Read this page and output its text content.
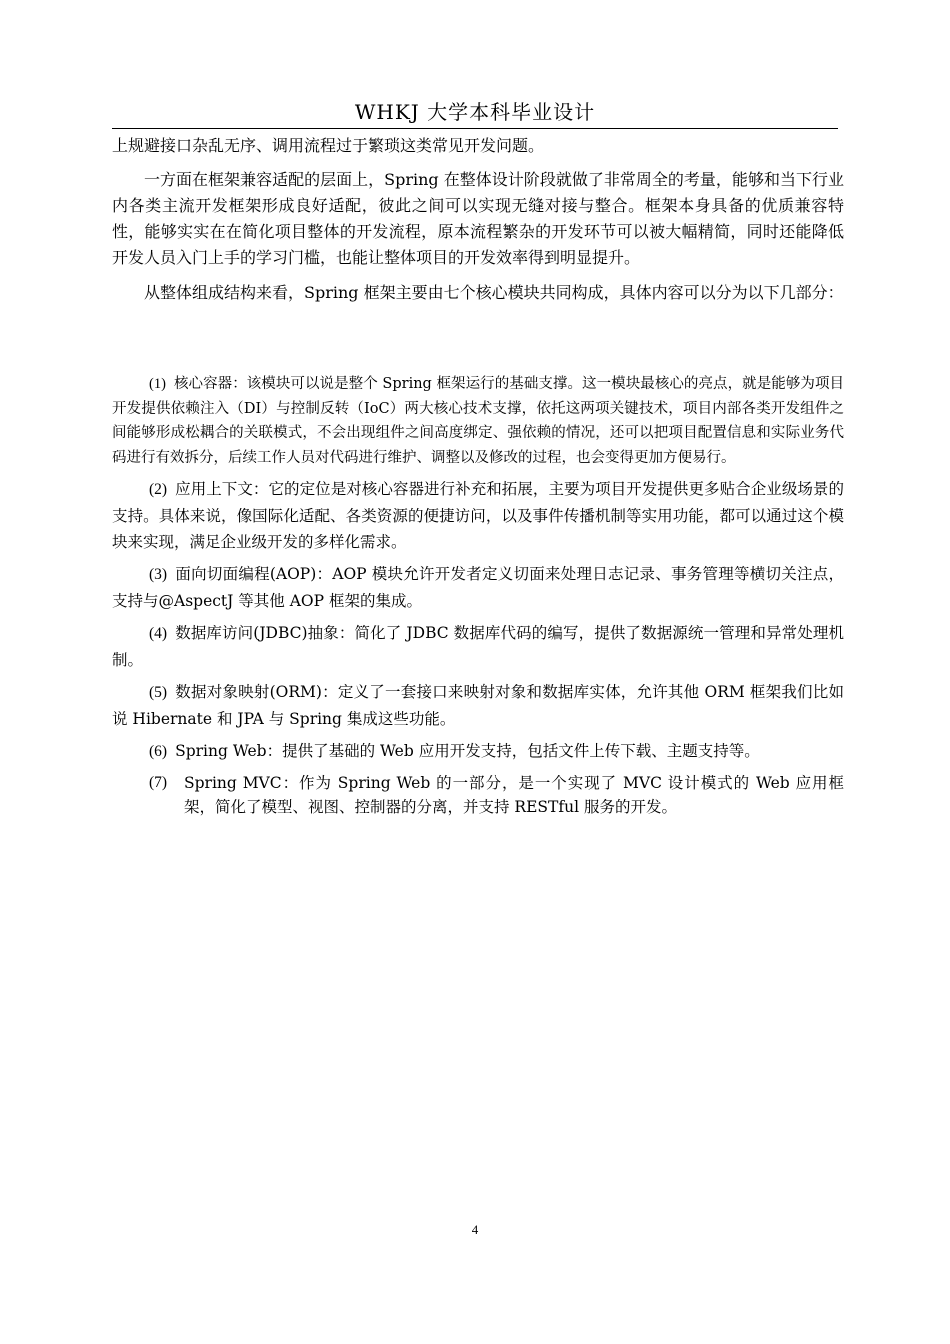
WHKJ 大学本科毕业设计

上规避接口杂乱无序、调用流程过于繁琐这类常见开发问题。

一方面在框架兼容适配的层面上，Spring 在整体设计阶段就做了非常周全的考量，能够和当下行业内各类主流开发框架形成良好适配，彼此之间可以实现无缝对接与整合。框架本身具备的优质兼容特性，能够实实在在简化项目整体的开发流程，原本流程繁杂的开发环节可以被大幅精简，同时还能降低开发人员入门上手的学习门槛，也能让整体项目的开发效率得到明显提升。

从整体组成结构来看，Spring 框架主要由七个核心模块共同构成，具体内容可以分为以下几部分：

(1) 核心容器：该模块可以说是整个 Spring 框架运行的基础支撑。这一模块最核心的亮点，就是能够为项目开发提供依赖注入（DI）与控制反转（IoC）两大核心技术支撑，依托这两项关键技术，项目内部各类开发组件之间能够形成松耦合的关联模式，不会出现组件之间高度绑定、强依赖的情况，还可以把项目配置信息和实际业务代码进行有效拆分，后续工作人员对代码进行维护、调整以及修改的过程，也会变得更加方便易行。

(2) 应用上下文：它的定位是对核心容器进行补充和拓展，主要为项目开发提供更多贴合企业级场景的支持。具体来说，像国际化适配、各类资源的便捷访问，以及事件传播机制等实用功能，都可以通过这个模块来实现，满足企业级开发的多样化需求。

(3) 面向切面编程(AOP)：AOP 模块允许开发者定义切面来处理日志记录、事务管理等横切关注点，支持与@AspectJ 等其他 AOP 框架的集成。

(4) 数据库访问(JDBC)抽象：简化了 JDBC 数据库代码的编写，提供了数据源统一管理和异常处理机制。

(5) 数据对象映射(ORM)：定义了一套接口来映射对象和数据库实体，允许其他 ORM 框架我们比如说 Hibernate 和 JPA 与 Spring 集成这些功能。

(6) Spring Web：提供了基础的 Web 应用开发支持，包括文件上传下载、主题支持等。

(7) Spring MVC：作为 Spring Web 的一部分，是一个实现了 MVC 设计模式的 Web 应用框架，简化了模型、视图、控制器的分离，并支持 RESTful 服务的开发。

4
